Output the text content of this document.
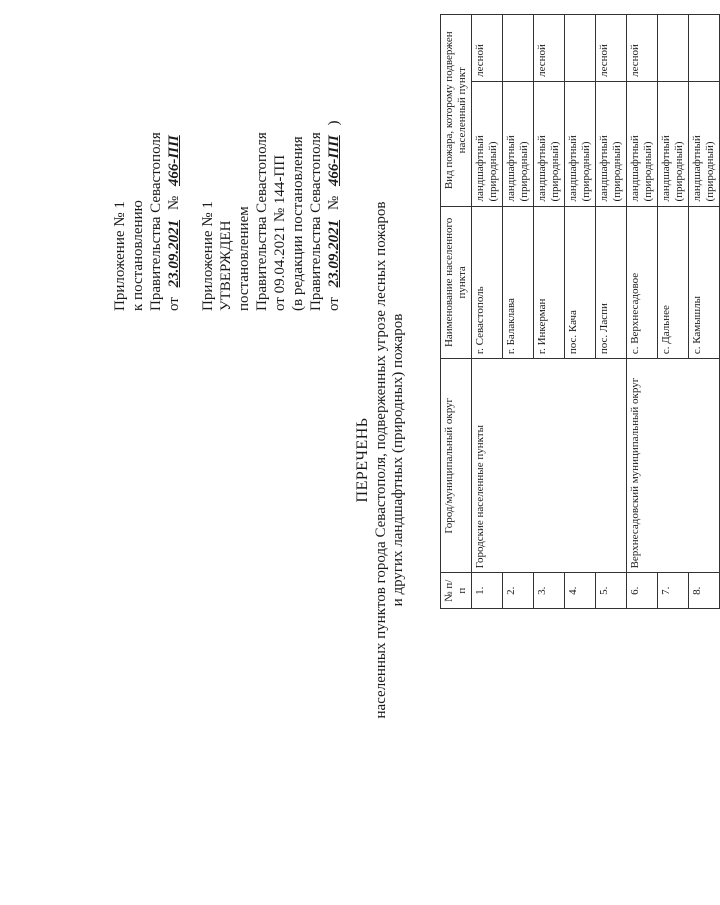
Приложение № 1 к постановлению Правительства Севастополя от 23.09.2021 № 466-ПП
Приложение № 1 УТВЕРЖДЕН постановлением Правительства Севастополя от 09.04.2021 № 144-ПП (в редакции постановления Правительства Севастополя от 23.09.2021 № 466-ПП )
ПЕРЕЧЕНЬ населенных пунктов города Севастополя, подверженных угрозе лесных пожаров и других ландшафтных (природных) пожаров	№ п/п	Город/муниципальный округ	Наименование населенного пункта	Вид пожара, которому подвержен населенный пункт	
1.	Городские населенные пункты	г. Севастополь	ландшафтный (природный)	лесной
2.		г. Балаклава	ландшафтный (природный)	
3.		г. Инкерман	ландшафтный (природный)	лесной
4.		пос. Кача	ландшафтный (природный)	
5.		пос. Ласпи	ландшафтный (природный)	лесной
6.	Верхнесадовский муниципальный округ	с. Верхнесадовое	ландшафтный (природный)	лесной
7.		с. Дальнее	ландшафтный (природный)	
8.		с. Камышлы	ландшафтный (природный)	
